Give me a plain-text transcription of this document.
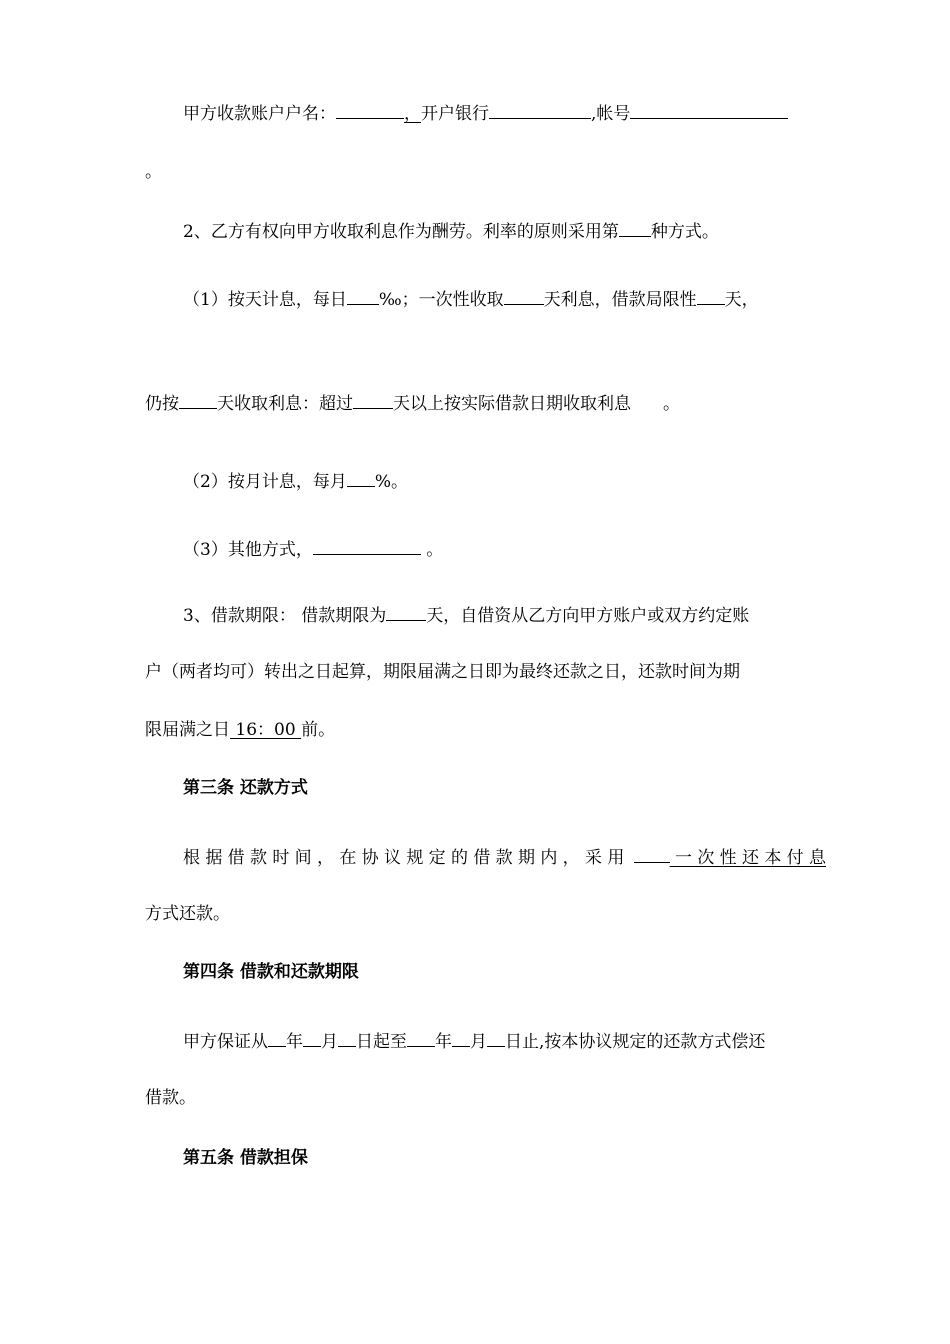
甲方收款账户户名：	，开户银行	,帐号
。
2、乙方有权向甲方收取利息作为酬劳。利率的原则采用第 种方式。
（1）按天计息，每日 ‰；一次性收取 天利息，借款局限性 天，
仍按 天收取利息：超过 天以上按实际借款日期收取利息 。
（2）按月计息，每月 %。
（3）其他方式，	。
3、借款期限： 借款期限为 天，自借资从乙方向甲方账户或双方约定账
户（两者均可）转出之日起算，期限届满之日即为最终还款之日，还款时间为期
限届满之日 16：00 前。
第三条 还款方式
根据借款时间，在协议规定的借款期内，采用 一次性还本付息
方式还款。
第四条 借款和还款期限
甲方保证从 年 月 日起至 年 月 日止,按本协议规定的还款方式偿还
借款。
第五条 借款担保
